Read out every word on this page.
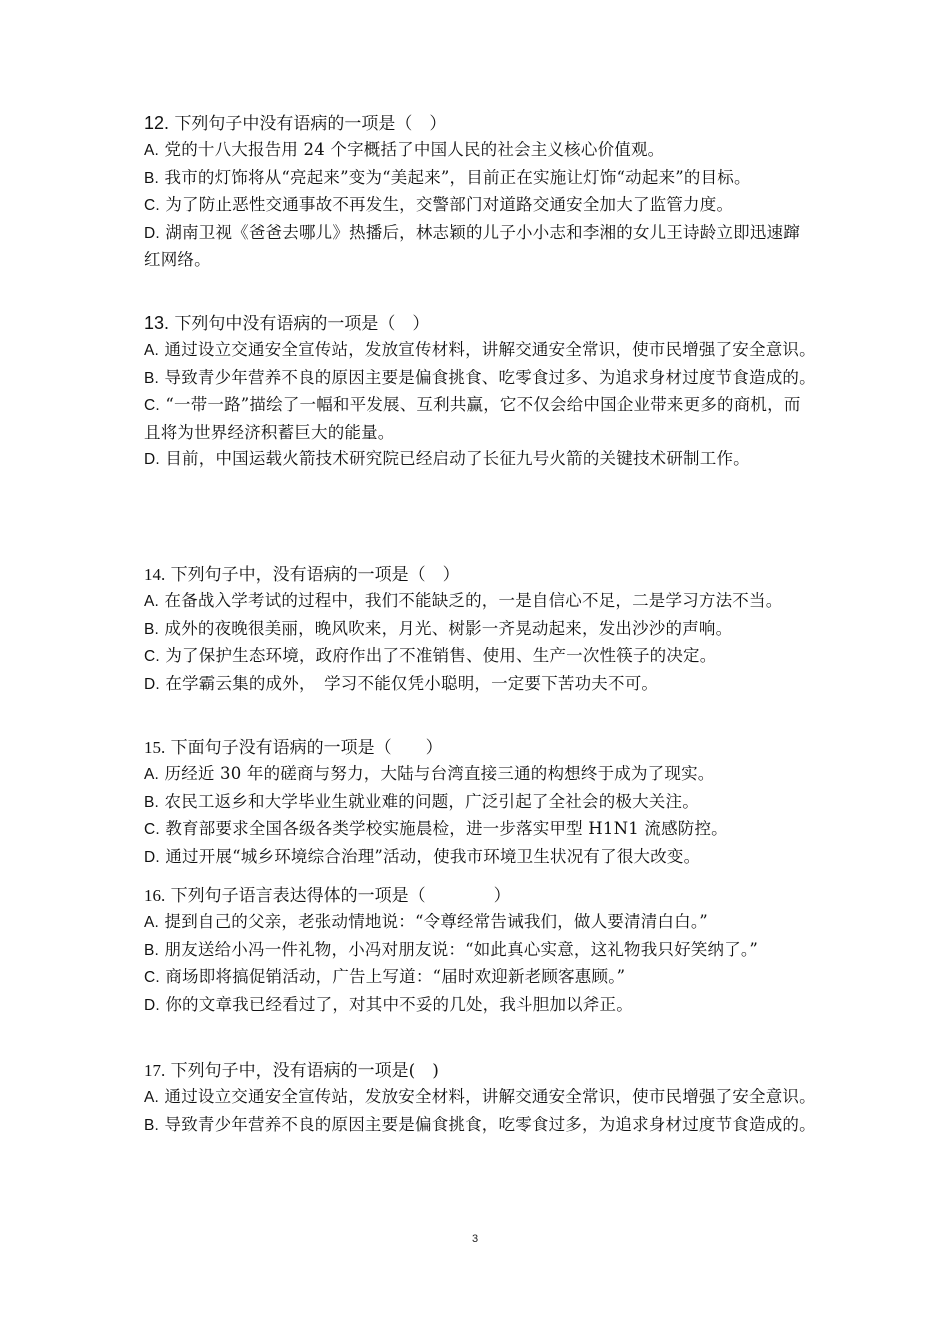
12. 下列句子中没有语病的一项是（　）
A. 党的十八大报告用 24 个字概括了中国人民的社会主义核心价值观。
B. 我市的灯饰将从“亮起来”变为“美起来”，目前正在实施让灯饰“动起来”的目标。
C. 为了防止恶性交通事故不再发生，交警部门对道路交通安全加大了监管力度。
D. 湖南卫视《爸爸去哪儿》热播后，林志颖的儿子小小志和李湘的女儿王诗龄立即迅速蹿红网络。
13. 下列句中没有语病的一项是（　）
A. 通过设立交通安全宣传站，发放宣传材料，讲解交通安全常识，使市民增强了安全意识。
B. 导致青少年营养不良的原因主要是偏食挑食、吃零食过多、为追求身材过度节食造成的。
C. “一带一路”描绘了一幅和平发展、互利共赢，它不仅会给中国企业带来更多的商机，而且将为世界经济积蓄巨大的能量。
D. 目前，中国运载火箭技术研究院已经启动了长征九号火箭的关键技术研制工作。
14. 下列句子中，没有语病的一项是（　）
A. 在备战入学考试的过程中，我们不能缺乏的，一是自信心不足，二是学习方法不当。
B. 成外的夜晚很美丽，晚风吹来，月光、树影一齐晃动起来，发出沙沙的声响。
C. 为了保护生态环境，政府作出了不准销售、使用、生产一次性筷子的决定。
D. 在学霸云集的成外，　学习不能仅凭小聪明，一定要下苦功夫不可。
15. 下面句子没有语病的一项是（　　）
A. 历经近 30 年的磋商与努力，大陆与台湾直接三通的构想终于成为了现实。
B. 农民工返乡和大学毕业生就业难的问题，广泛引起了全社会的极大关注。
C. 教育部要求全国各级各类学校实施晨检，进一步落实甲型 H1N1 流感防控。
D. 通过开展“城乡环境综合治理”活动，使我市环境卫生状况有了很大改变。
16. 下列句子语言表达得体的一项是（　　　　）
A. 提到自己的父亲，老张动情地说：“令尊经常告诫我们，做人要清清白白。”
B. 朋友送给小冯一件礼物，小冯对朋友说：“如此真心实意，这礼物我只好笑纳了。”
C. 商场即将搞促销活动，广告上写道：“届时欢迎新老顾客惠顾。”
D. 你的文章我已经看过了，对其中不妥的几处，我斗胆加以斧正。
17. 下列句子中，没有语病的一项是(　)
A. 通过设立交通安全宣传站，发放安全材料，讲解交通安全常识，使市民增强了安全意识。
B. 导致青少年营养不良的原因主要是偏食挑食，吃零食过多，为追求身材过度节食造成的。
3
